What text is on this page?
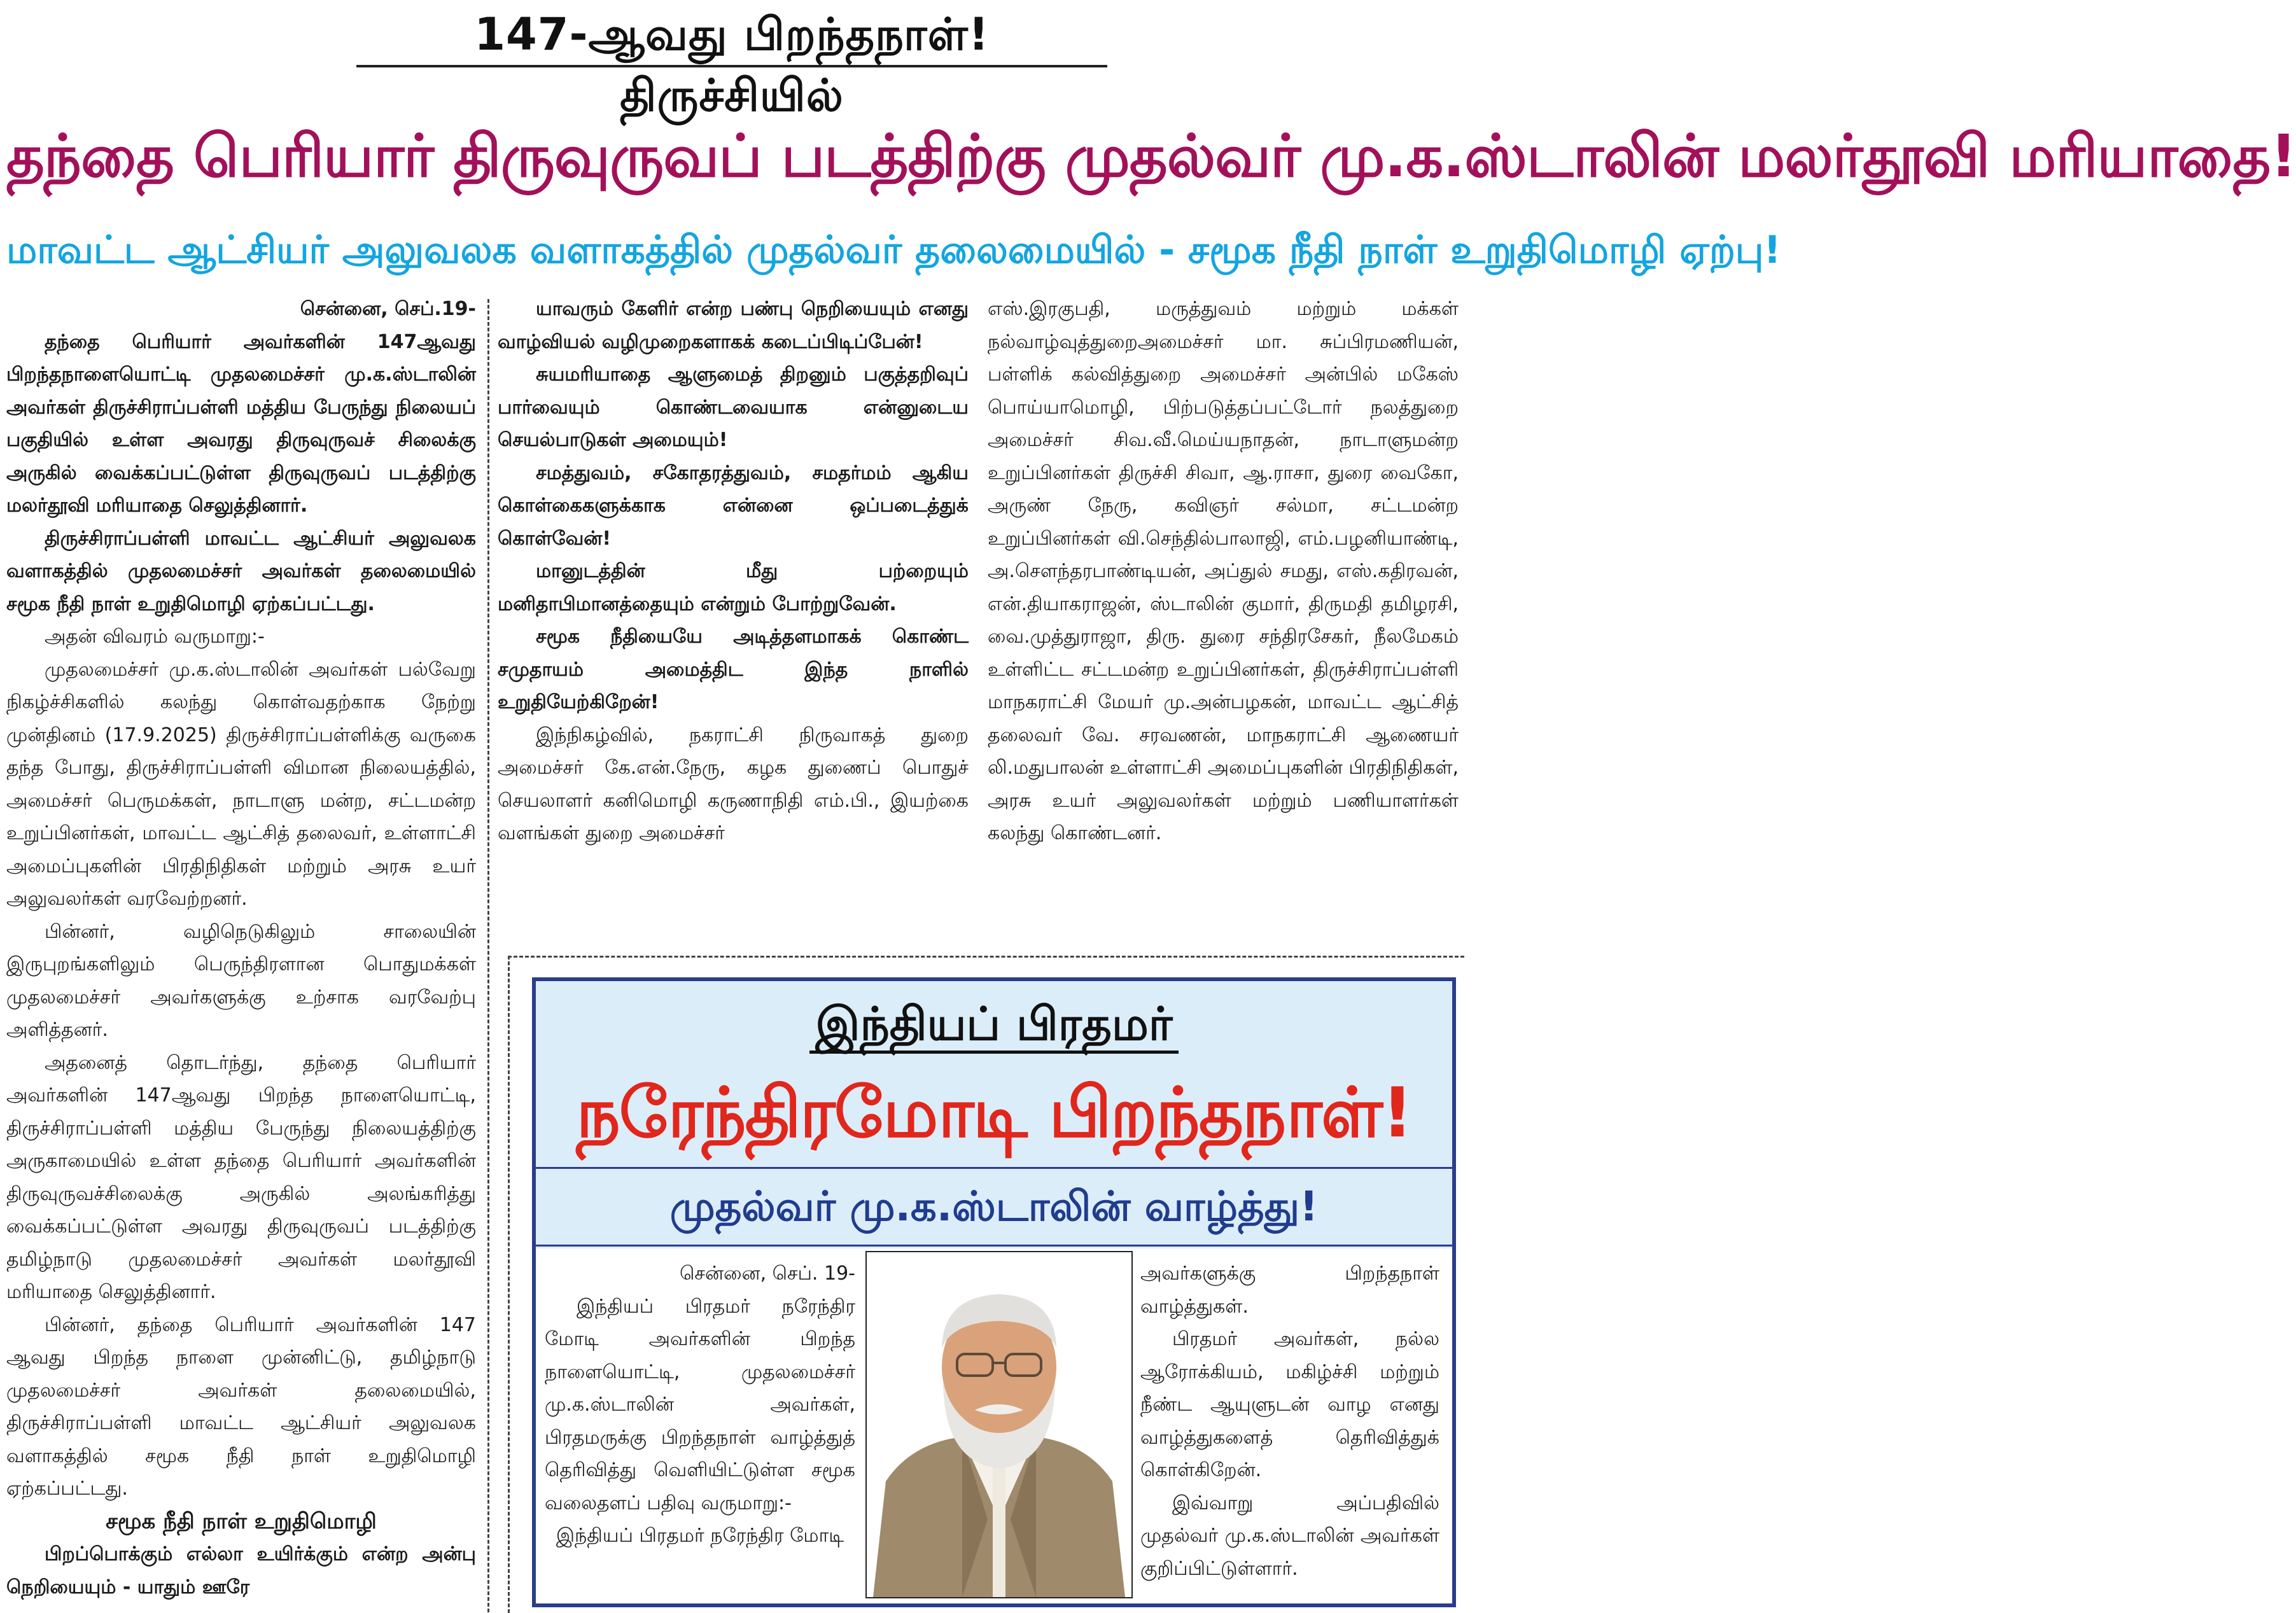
147-ஆவது பிறந்தநாள்! திருச்சியில்
தந்தை பெரியார் திருவுருவப் படத்திற்கு முதல்வர் மு.க.ஸ்டாலின் மலர்தூவி மரியாதை!
மாவட்ட ஆட்சியர் அலுவலக வளாகத்தில் முதல்வர் தலைமையில் - சமூக நீதி நாள் உறுதிமொழி ஏற்பு!

சென்னை, செப்.19-

தந்தை பெரியார் அவர்களின் 147ஆவது பிறந்தநாளையொட்டி முதலமைச்சர் மு.க.ஸ்டாலின் அவர்கள் திருச்சிராப்பள்ளி மத்திய பேருந்து நிலையப் பகுதியில் உள்ள அவரது திருவுருவச் சிலைக்கு அருகில் வைக்கப்பட்டுள்ள திருவுருவப் படத்திற்கு மலர்தூவி மரியாதை செலுத்தினார்.

திருச்சிராப்பள்ளி மாவட்ட ஆட்சியர் அலுவலக வளாகத்தில் முதலமைச்சர் அவர்கள் தலைமையில் சமூக நீதி நாள் உறுதிமொழி ஏற்கப்பட்டது.

அதன் விவரம் வருமாறு:-

முதலமைச்சர் மு.க.ஸ்டாலின் அவர்கள் பல்வேறு நிகழ்ச்சிகளில் கலந்து கொள்வதற்காக நேற்று முன்தினம் (17.9.2025) திருச்சிராப்பள்ளிக்கு வருகை தந்த போது, திருச்சிராப்பள்ளி விமான நிலையத்தில், அமைச்சர் பெருமக்கள், நாடாளு மன்ற, சட்டமன்ற உறுப்பினர்கள், மாவட்ட ஆட்சித் தலைவர், உள்ளாட்சி அமைப்புகளின் பிரதிநிதிகள் மற்றும் அரசு உயர் அலுவலர்கள் வரவேற்றனர்.

பின்னர், வழிநெடுகிலும் சாலையின் இருபுறங்களிலும் பெருந்திரளான பொதுமக்கள் முதலமைச்சர் அவர்களுக்கு உற்சாக வரவேற்பு அளித்தனர்.

அதனைத் தொடர்ந்து, தந்தை பெரியார் அவர்களின் 147ஆவது பிறந்த நாளையொட்டி, திருச்சிராப்பள்ளி மத்திய பேருந்து நிலையத்திற்கு அருகாமையில் உள்ள தந்தை பெரியார் அவர்களின் திருவுருவச்சிலைக்கு அருகில் அலங்கரித்து வைக்கப்பட்டுள்ள அவரது திருவுருவப் படத்திற்கு தமிழ்நாடு முதலமைச்சர் அவர்கள் மலர்தூவி மரியாதை செலுத்தினார்.

பின்னர், தந்தை பெரியார் அவர்களின் 147 ஆவது பிறந்த நாளை முன்னிட்டு, தமிழ்நாடு முதலமைச்சர் அவர்கள் தலைமையில், திருச்சிராப்பள்ளி மாவட்ட ஆட்சியர் அலுவலக வளாகத்தில் சமூக நீதி நாள் உறுதிமொழி ஏற்கப்பட்டது.

சமூக நீதி நாள் உறுதிமொழி

பிறப்பொக்கும் எல்லா உயிர்க்கும் என்ற அன்பு நெறியையும் - யாதும் ஊரே

யாவரும் கேளிர் என்ற பண்பு நெறியையும் எனது வாழ்வியல் வழிமுறைகளாகக் கடைப்பிடிப்பேன்!

சுயமரியாதை ஆளுமைத் திறனும் பகுத்தறிவுப் பார்வையும் கொண்டவையாக என்னுடைய செயல்பாடுகள் அமையும்!

சமத்துவம், சகோதரத்துவம், சமதர்மம் ஆகிய கொள்கைகளுக்காக என்னை ஒப்படைத்துக் கொள்வேன்!

மானுடத்தின் மீது பற்றையும் மனிதாபிமானத்தையும் என்றும் போற்றுவேன்.

சமூக நீதியையே அடித்தளமாகக் கொண்ட சமுதாயம் அமைத்திட இந்த நாளில் உறுதியேற்கிறேன்!

இந்நிகழ்வில், நகராட்சி நிருவாகத் துறை அமைச்சர் கே.என்.நேரு, கழக துணைப் பொதுச் செயலாளர் கனிமொழி கருணாநிதி எம்.பி., இயற்கை வளங்கள் துறை அமைச்சர்

எஸ்.இரகுபதி, மருத்துவம் மற்றும் மக்கள் நல்வாழ்வுத்துறைஅமைச்சர் மா. சுப்பிரமணியன், பள்ளிக் கல்வித்துறை அமைச்சர் அன்பில் மகேஸ் பொய்யாமொழி, பிற்படுத்தப்பட்டோர் நலத்துறை அமைச்சர் சிவ.வீ.மெய்யநாதன், நாடாளுமன்ற உறுப்பினர்கள் திருச்சி சிவா, ஆ.ராசா, துரை வைகோ, அருண் நேரு, கவிஞர் சல்மா, சட்டமன்ற உறுப்பினர்கள் வி.செந்தில்பாலாஜி, எம்.பழனியாண்டி, அ.சௌந்தரபாண்டியன், அப்துல் சமது, எஸ்.கதிரவன், என்.தியாகராஜன், ஸ்டாலின் குமார், திருமதி தமிழரசி, வை.முத்துராஜா, திரு. துரை சந்திரசேகர், நீலமேகம் உள்ளிட்ட சட்டமன்ற உறுப்பினர்கள், திருச்சிராப்பள்ளி மாநகராட்சி மேயர் மு.அன்பழகன், மாவட்ட ஆட்சித் தலைவர் வே. சரவணன், மாநகராட்சி ஆணையர் லி.மதுபாலன் உள்ளாட்சி அமைப்புகளின் பிரதிநிதிகள், அரசு உயர் அலுவலர்கள் மற்றும் பணியாளர்கள் கலந்து கொண்டனர்.

இந்தியப் பிரதமர்
நரேந்திரமோடி பிறந்தநாள்!
முதல்வர் மு.க.ஸ்டாலின் வாழ்த்து!

சென்னை, செப். 19-

இந்தியப் பிரதமர் நரேந்திர மோடி அவர்களின் பிறந்த நாளையொட்டி, முதலமைச்சர் மு.க.ஸ்டாலின் அவர்கள், பிரதமருக்கு பிறந்தநாள் வாழ்த்துத் தெரிவித்து வெளியிட்டுள்ள சமூக வலைதளப் பதிவு வருமாறு:-

இந்தியப் பிரதமர் நரேந்திர மோடி

அவர்களுக்கு பிறந்தநாள் வாழ்த்துகள்.

பிரதமர் அவர்கள், நல்ல ஆரோக்கியம், மகிழ்ச்சி மற்றும் நீண்ட ஆயுளுடன் வாழ எனது வாழ்த்துகளைத் தெரிவித்துக் கொள்கிறேன்.

இவ்வாறு அப்பதிவில் முதல்வர் மு.க.ஸ்டாலின் அவர்கள் குறிப்பிட்டுள்ளார்.
